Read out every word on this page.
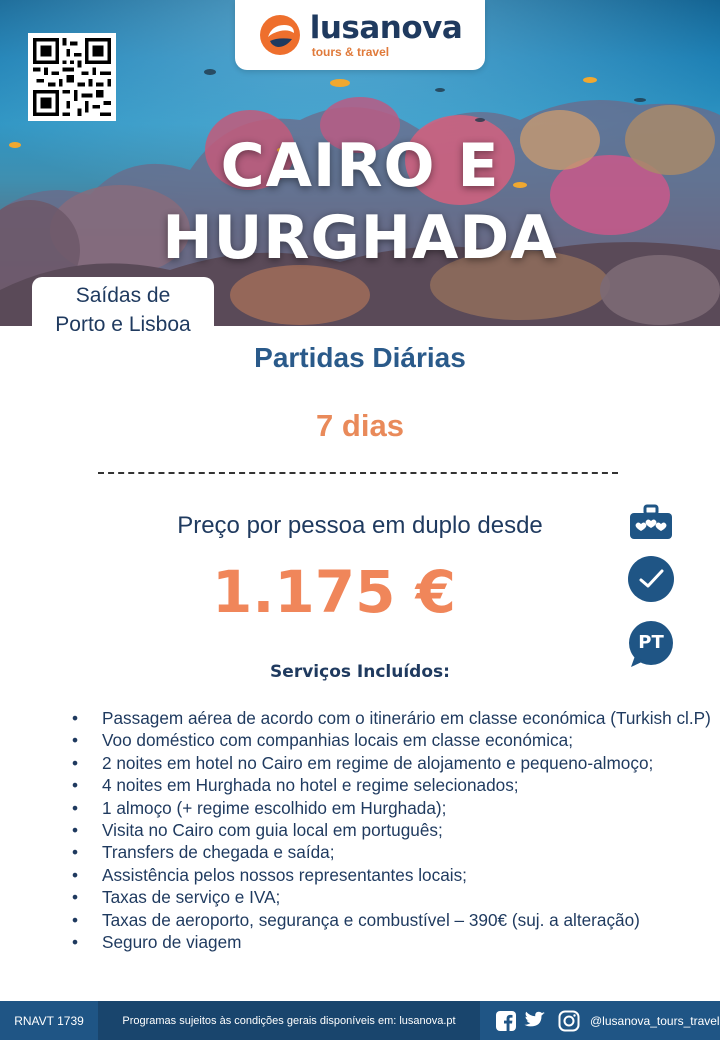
lusanova
tours & travel
CAIRO E
HURGHADA
Saídas de
Porto e Lisboa
Partidas Diárias
7 dias
Preço por pessoa em duplo desde
1.175 €
PT
Serviços Incluídos:
• Passagem aérea de acordo com o itinerário em classe económica (Turkish cl.P)
• Voo doméstico com companhias locais em classe económica;
• 2 noites em hotel no Cairo em regime de alojamento e pequeno-almoço;
• 4 noites em Hurghada no hotel e regime selecionados;
• 1 almoço (+ regime escolhido em Hurghada);
• Visita no Cairo com guia local em português;
• Transfers de chegada e saída;
• Assistência pelos nossos representantes locais;
• Taxas de serviço e IVA;
• Taxas de aeroporto, segurança e combustível – 390€ (suj. a alteração)
• Seguro de viagem
RNAVT 1739	Programas sujeitos às condições gerais disponíveis em: lusanova.pt	@lusanova_tours_travel
